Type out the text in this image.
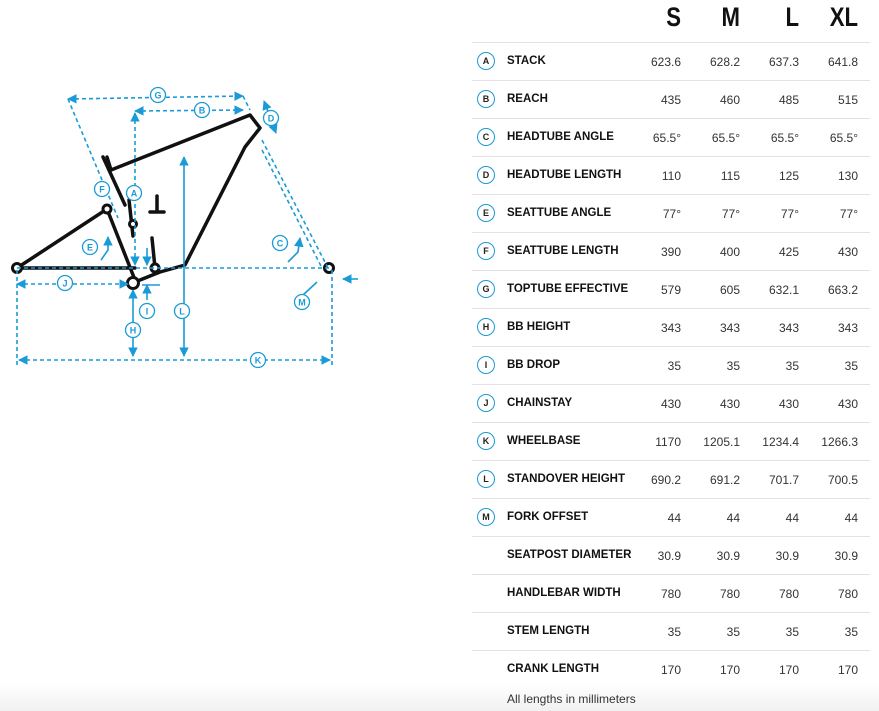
A
B
C
D
E
F
G
H
I
J
K
L
M
S	M	L	XL
A	STACK	623.6	628.2	637.3	641.8
B	REACH	435	460	485	515
C	HEADTUBE ANGLE	65.5°	65.5°	65.5°	65.5°
D	HEADTUBE LENGTH	110	115	125	130
E	SEATTUBE ANGLE	77°	77°	77°	77°
F	SEATTUBE LENGTH	390	400	425	430
G	TOPTUBE EFFECTIVE	579	605	632.1	663.2
H	BB HEIGHT	343	343	343	343
I	BB DROP	35	35	35	35
J	CHAINSTAY	430	430	430	430
K	WHEELBASE	1170	1205.1	1234.4	1266.3
L	STANDOVER HEIGHT	690.2	691.2	701.7	700.5
M	FORK OFFSET	44	44	44	44
SEATPOST DIAMETER	30.9	30.9	30.9	30.9
HANDLEBAR WIDTH	780	780	780	780
STEM LENGTH	35	35	35	35
CRANK LENGTH	170	170	170	170
All lengths in millimeters
